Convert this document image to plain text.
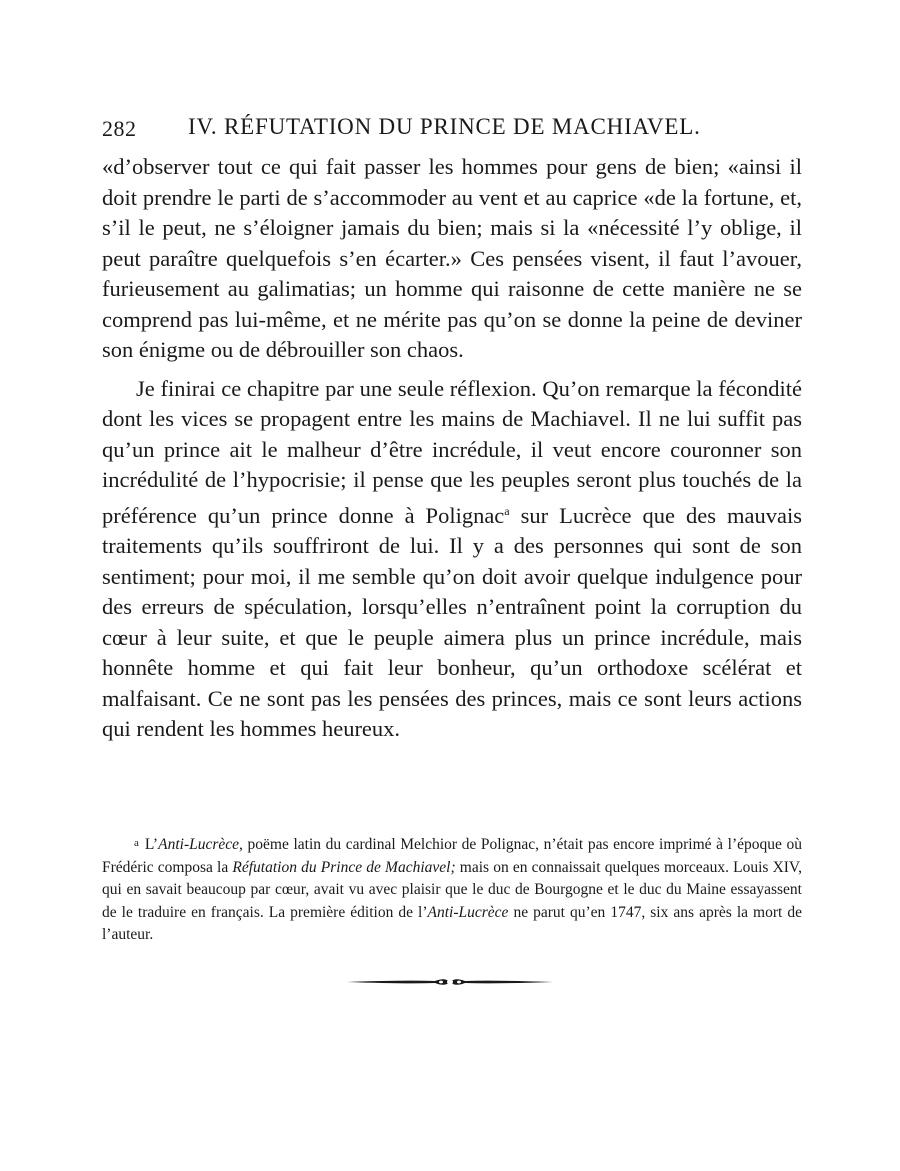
282 IV. RÉFUTATION DU PRINCE DE MACHIAVEL.

«d’observer tout ce qui fait passer les hommes pour gens de bien; «ainsi il doit prendre le parti de s’accommoder au vent et au caprice «de la fortune, et, s’il le peut, ne s’éloigner jamais du bien; mais si la «nécessité l’y oblige, il peut paraître quelquefois s’en écarter.» Ces pensées visent, il faut l’avouer, furieusement au galimatias; un homme qui raisonne de cette manière ne se comprend pas lui-même, et ne mérite pas qu’on se donne la peine de deviner son énigme ou de débrouiller son chaos.

Je finirai ce chapitre par une seule réflexion. Qu’on remarque la fécondité dont les vices se propagent entre les mains de Machiavel. Il ne lui suffit pas qu’un prince ait le malheur d’être incrédule, il veut encore couronner son incrédulité de l’hypocrisie; il pense que les peuples seront plus touchés de la préférence qu’un prince donne à Polignac$^a$ sur Lucrèce que des mauvais traitements qu’ils souffriront de lui. Il y a des personnes qui sont de son sentiment; pour moi, il me semble qu’on doit avoir quelque indulgence pour des erreurs de spéculation, lorsqu’elles n’entraînent point la corruption du cœur à leur suite, et que le peuple aimera plus un prince incrédule, mais honnête homme et qui fait leur bonheur, qu’un orthodoxe scélérat et malfaisant. Ce ne sont pas les pensées des princes, mais ce sont leurs actions qui rendent les hommes heureux.

a L’Anti-Lucrèce, poëme latin du cardinal Melchior de Polignac, n’était pas encore imprimé à l’époque où Frédéric composa la Réfutation du Prince de Machiavel; mais on en connaissait quelques morceaux. Louis XIV, qui en savait beaucoup par cœur, avait vu avec plaisir que le duc de Bourgogne et le duc du Maine essayassent de le traduire en français. La première édition de l’Anti-Lucrèce ne parut qu’en 1747, six ans après la mort de l’auteur.
